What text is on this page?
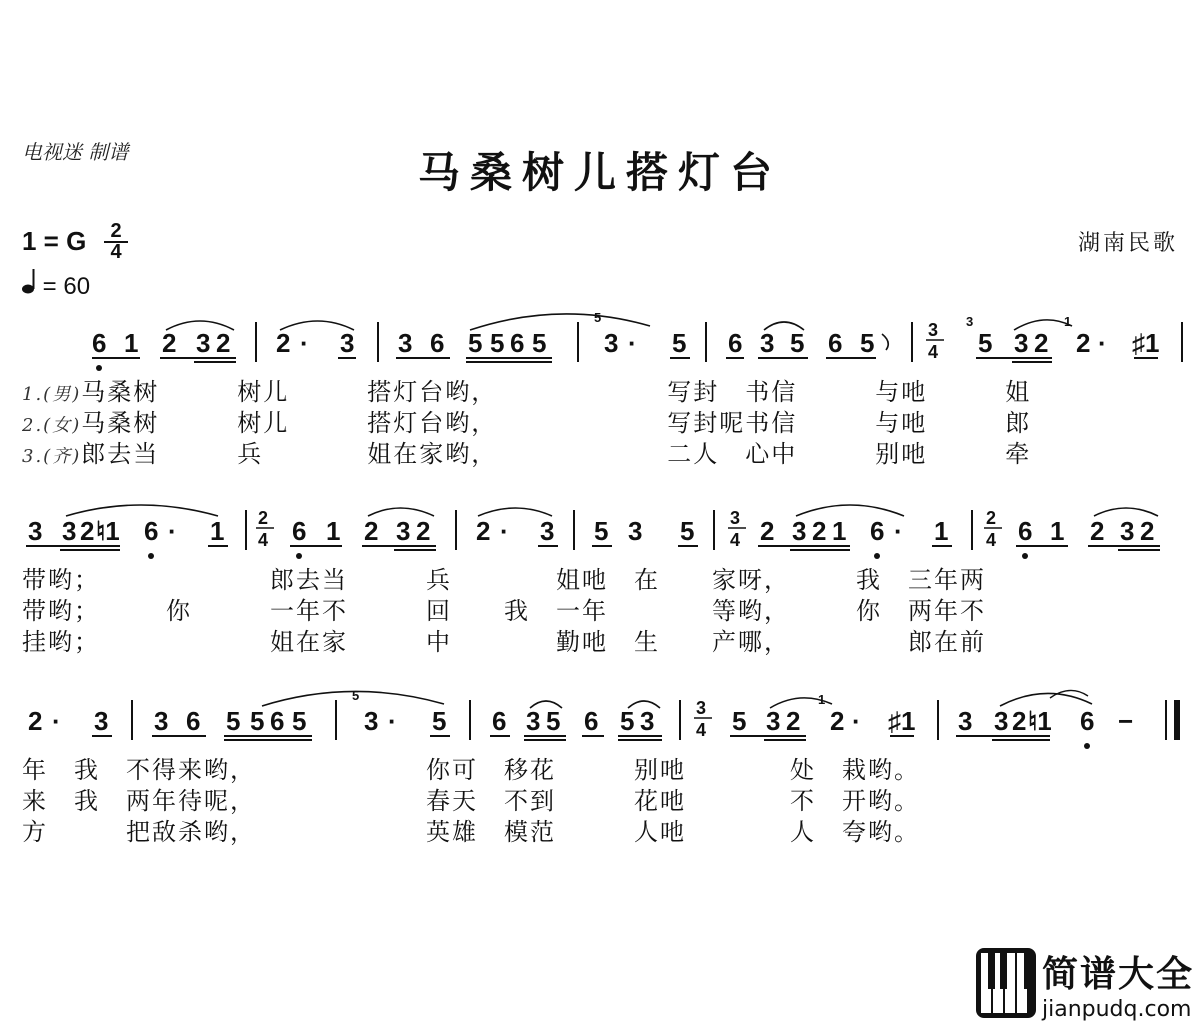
电视迷 制谱	马桑树儿搭灯台
湖南民歌
1 = G	2
4
= 60
6 1 2 3 2 2 · 3 3 6 5 5 6 5
5
3 · 5 6 3 5 6 5	3
4
3
5 3 2
1
2 · ♯1
3 3 2 ♮1 6 · 1 2
4 6 1 2 3 2 2 · 3 5 3 5 3
4 2 3 2 1 6 · 1 2
4 6 1 2 3 2
2 · 3 3 6 5 5 6 5
5
3 · 5 6 3 5 6 5 3 3
4 5 3 2
1
2 · ♯1 3 3 2 ♮1 6 −
1.(男)马桑树　　　树儿　　　搭灯台哟，　　　　　　　写封　书信　　　与吔　　　姐
2.(女)马桑树　　　树儿　　　搭灯台哟，　　　　　　　写封呢书信　　　与吔　　　郎
3.(齐)郎去当　　　兵　　　　姐在家哟，　　　　　　　二人　心中　　　别吔　　　牵
带哟；　　　　　　　郎去当　　　兵　　　　姐吔　在　　家呀，　　　我　三年两
带哟；　　　你　　　一年不　　　回　　我　一年　　　　等哟，　　　你　两年不
挂哟；　　　　　　　姐在家　　　中　　　　勤吔　生　　产哪，　　　　　郎在前
年　我　不得来哟，　　　　　　　你可　移花　　　别吔　　　　处　栽哟。
来　我　两年待呢，　　　　　　　春天　不到　　　花吔　　　　不　开哟。
方　　　把敌杀哟，　　　　　　　英雄　模范　　　人吔　　　　人　夸哟。
简谱大全
jianpudq.com
